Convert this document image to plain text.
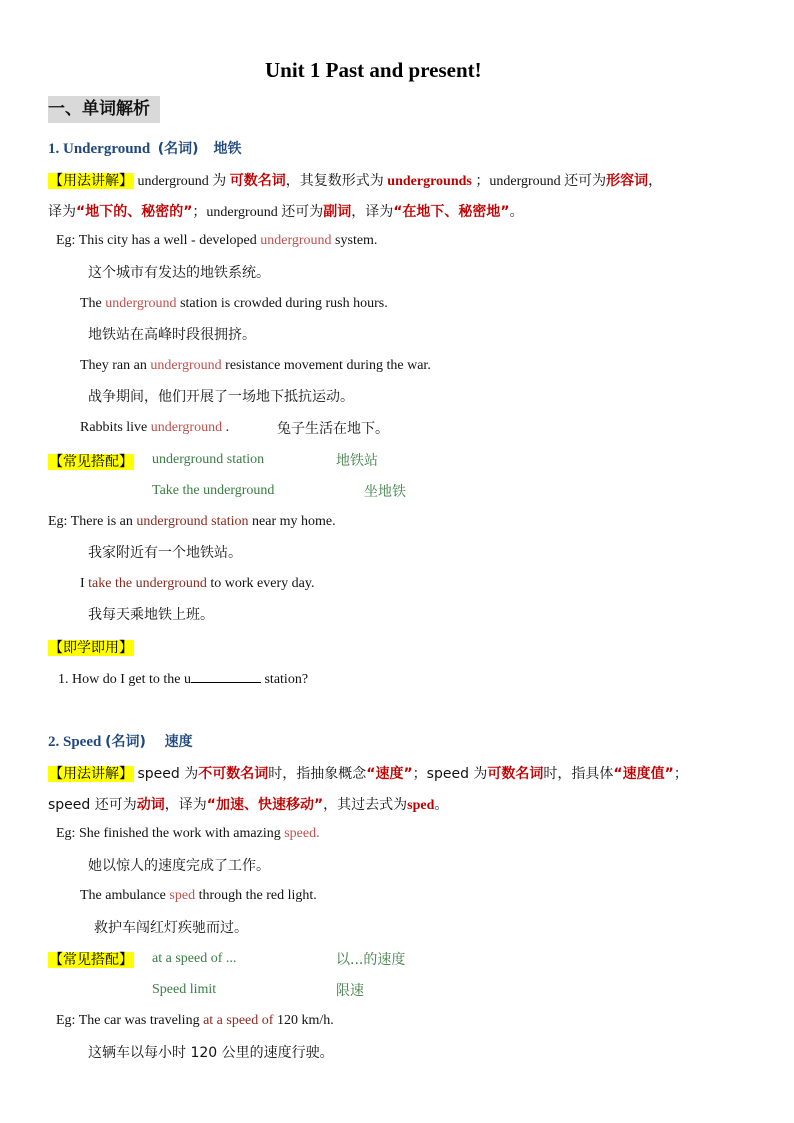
Unit 1 Past and present!
一、单词解析
1. Underground (名词) 地铁
【用法讲解】 underground 为 可数名词，其复数形式为 undergrounds ；underground 还可为形容词，
译为“地下的、秘密的”；underground 还可为副词，译为“在地下、秘密地”。
Eg: This city has a well - developed underground system.
这个城市有发达的地铁系统。
The underground station is crowded during rush hours.
地铁站在高峰时段很拥挤。
They ran an underground resistance movement during the war.
战争期间，他们开展了一场地下抵抗运动。
Rabbits live underground .	兔子生活在地下。
【常见搭配】 underground station	地铁站
Take the underground	坐地铁
Eg: There is an underground station near my home.
我家附近有一个地铁站。
I take the underground to work every day.
我每天乘地铁上班。
【即学即用】
1. How do I get to the u	station?
2. Speed (名词) 速度
【用法讲解】 speed 为不可数名词时，指抽象概念“速度”；speed 为可数名词时，指具体“速度值”；
speed 还可为动词，译为“加速、快速移动”，其过去式为sped。
Eg: She finished the work with amazing speed.
她以惊人的速度完成了工作。
The ambulance sped through the red light.
救护车闯红灯疾驰而过。
【常见搭配】 at a speed of ...	以...的速度
Speed limit	限速
Eg: The car was traveling at a speed of 120 km/h.
这辆车以每小时 120 公里的速度行驶。
